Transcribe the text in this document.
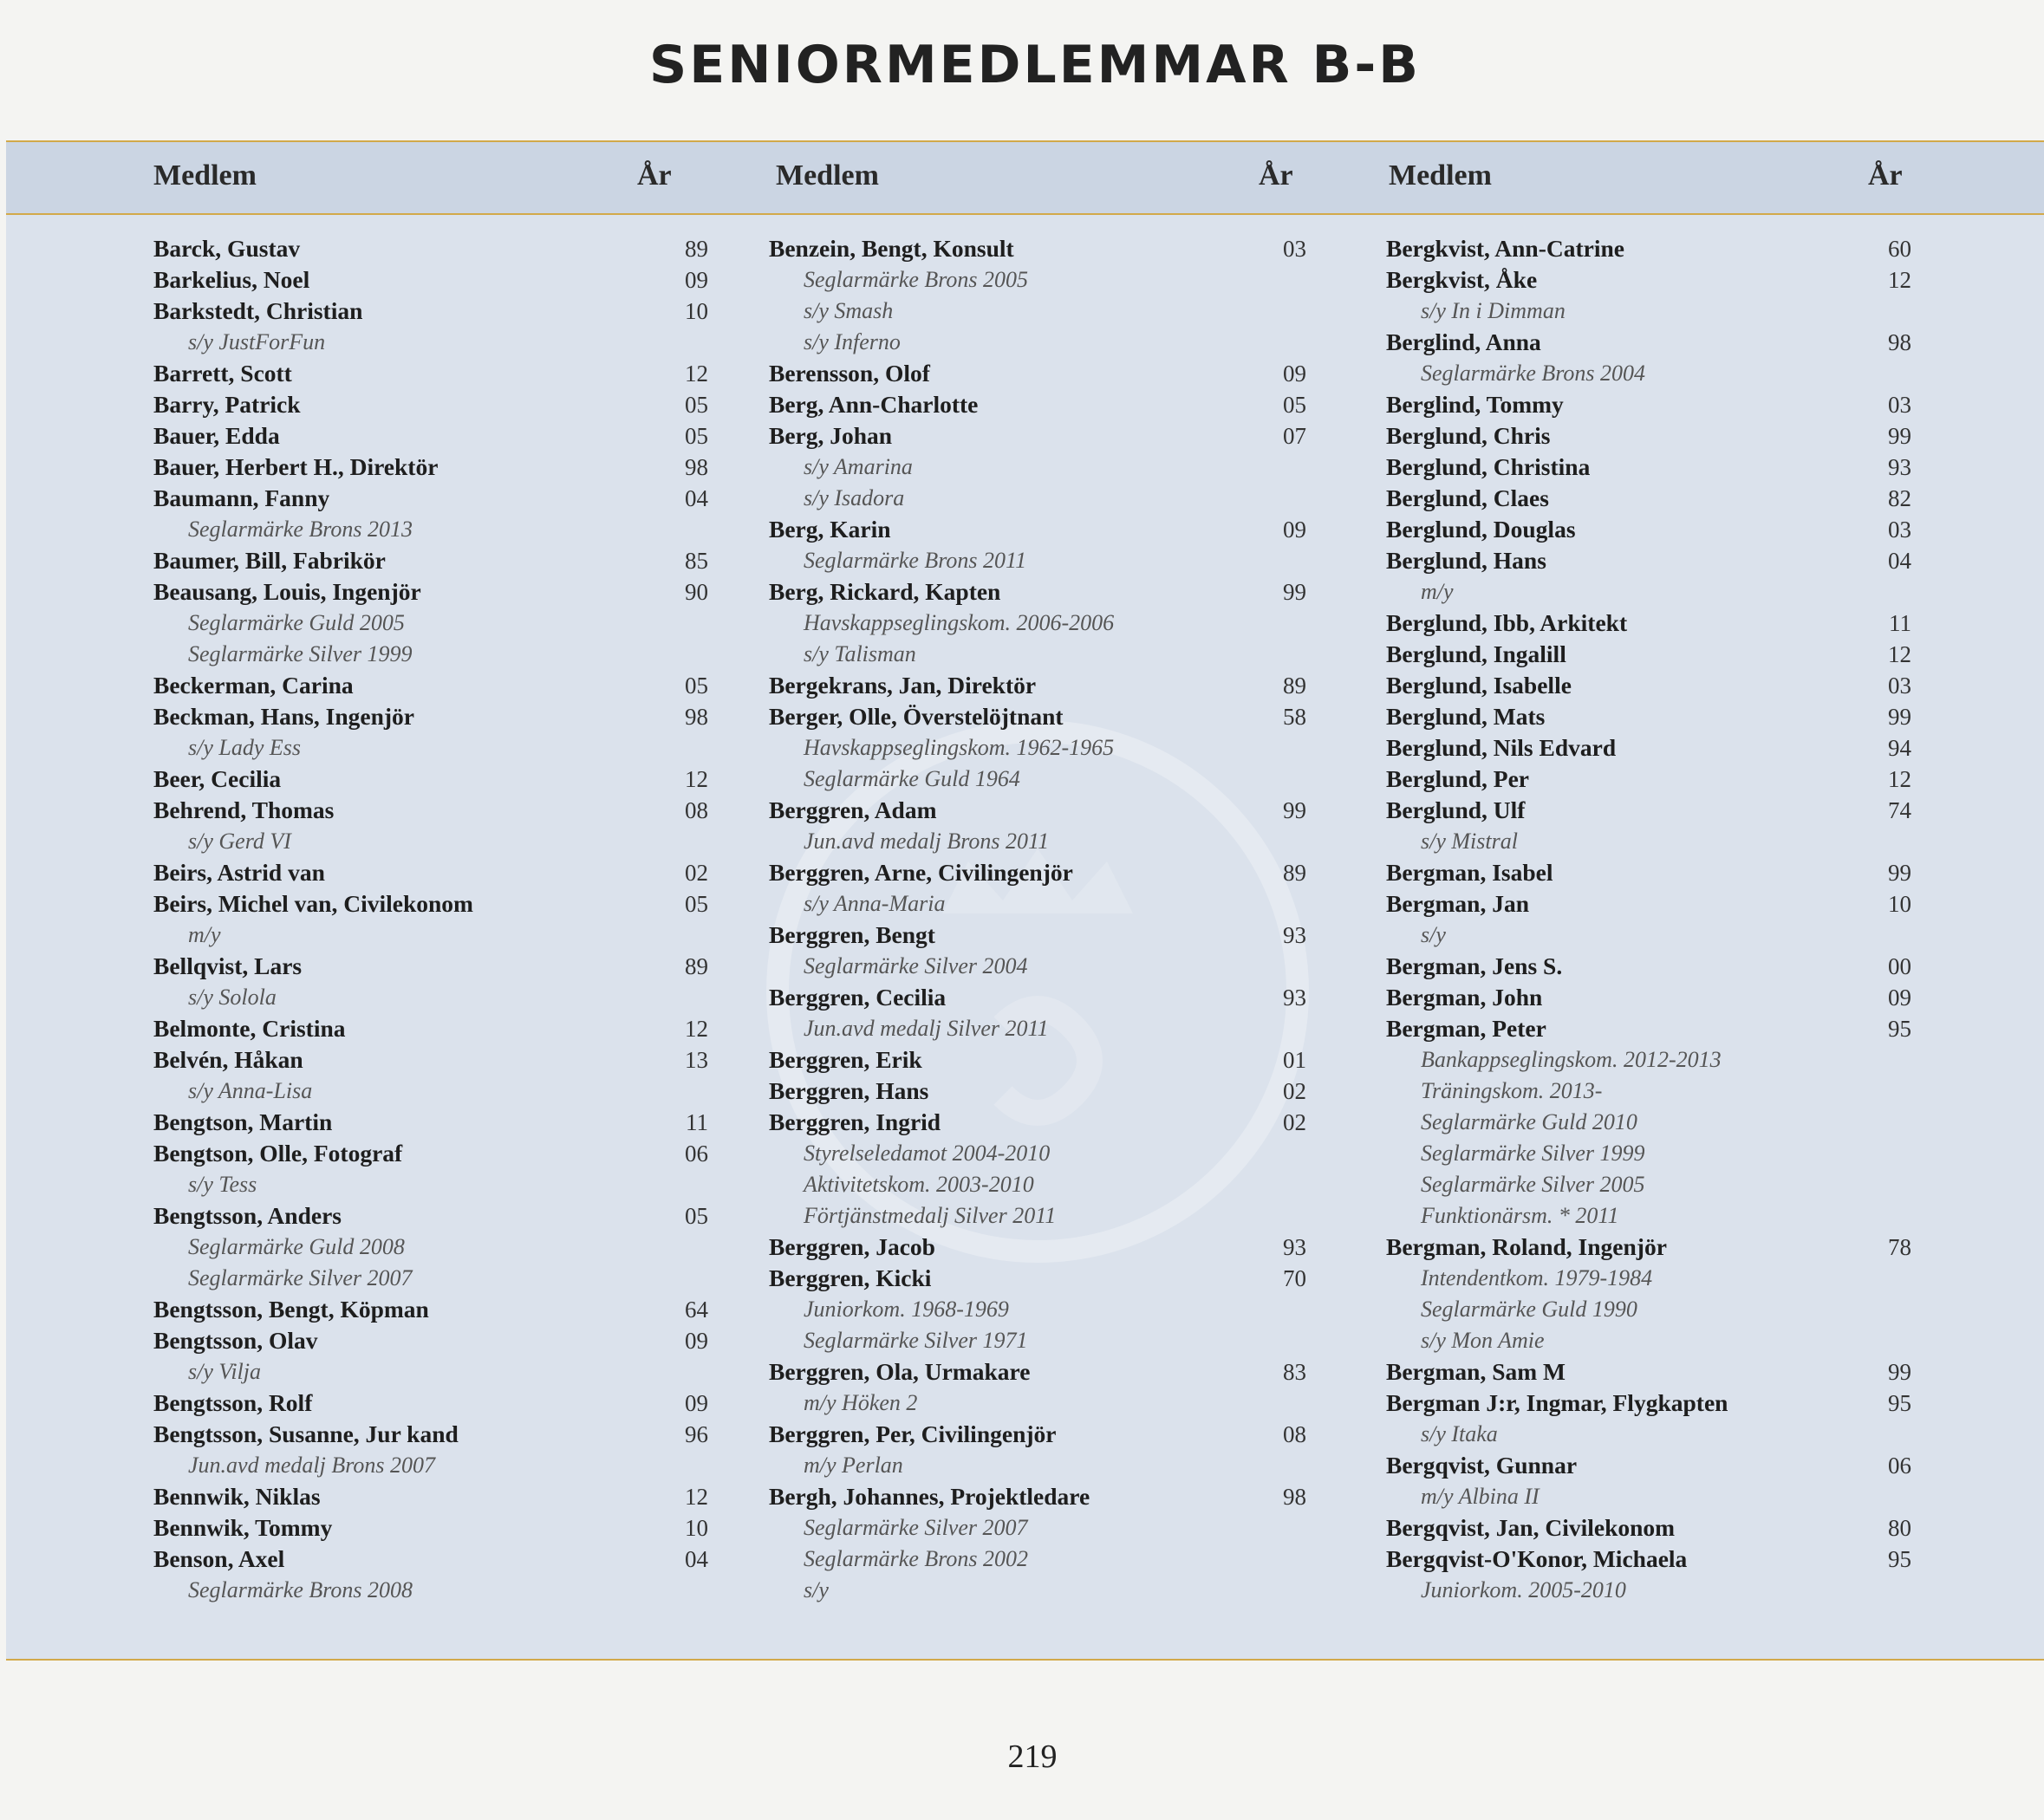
SENIORMEDLEMMAR B-B
Medlem	År	Medlem	År	Medlem	År
Barck, Gustav	89
Barkelius, Noel	09
Barkstedt, Christian	10
s/y JustForFun
Barrett, Scott	12
Barry, Patrick	05
Bauer, Edda	05
Bauer, Herbert H., Direktör	98
Baumann, Fanny	04
Seglarmärke Brons 2013
Baumer, Bill, Fabrikör	85
Beausang, Louis, Ingenjör	90
Seglarmärke Guld 2005
Seglarmärke Silver 1999
Beckerman, Carina	05
Beckman, Hans, Ingenjör	98
s/y Lady Ess
Beer, Cecilia	12
Behrend, Thomas	08
s/y Gerd VI
Beirs, Astrid van	02
Beirs, Michel van, Civilekonom	05
m/y
Bellqvist, Lars	89
s/y Solola
Belmonte, Cristina	12
Belvén, Håkan	13
s/y Anna-Lisa
Bengtson, Martin	11
Bengtson, Olle, Fotograf	06
s/y Tess
Bengtsson, Anders	05
Seglarmärke Guld 2008
Seglarmärke Silver 2007
Bengtsson, Bengt, Köpman	64
Bengtsson, Olav	09
s/y Vilja
Bengtsson, Rolf	09
Bengtsson, Susanne, Jur kand	96
Jun.avd medalj Brons 2007
Bennwik, Niklas	12
Bennwik, Tommy	10
Benson, Axel	04
Seglarmärke Brons 2008
Benzein, Bengt, Konsult	03
Seglarmärke Brons 2005
s/y Smash
s/y Inferno
Berensson, Olof	09
Berg, Ann-Charlotte	05
Berg, Johan	07
s/y Amarina
s/y Isadora
Berg, Karin	09
Seglarmärke Brons 2011
Berg, Rickard, Kapten	99
Havskappseglingskom. 2006-2006
s/y Talisman
Bergekrans, Jan, Direktör	89
Berger, Olle, Överstelöjtnant	58
Havskappseglingskom. 1962-1965
Seglarmärke Guld 1964
Berggren, Adam	99
Jun.avd medalj Brons 2011
Berggren, Arne, Civilingenjör	89
s/y Anna-Maria
Berggren, Bengt	93
Seglarmärke Silver 2004
Berggren, Cecilia	93
Jun.avd medalj Silver 2011
Berggren, Erik	01
Berggren, Hans	02
Berggren, Ingrid	02
Styrelseledamot 2004-2010
Aktivitetskom. 2003-2010
Förtjänstmedalj Silver 2011
Berggren, Jacob	93
Berggren, Kicki	70
Juniorkom. 1968-1969
Seglarmärke Silver 1971
Berggren, Ola, Urmakare	83
m/y Höken 2
Berggren, Per, Civilingenjör	08
m/y Perlan
Bergh, Johannes, Projektledare	98
Seglarmärke Silver 2007
Seglarmärke Brons 2002
s/y
Bergkvist, Ann-Catrine	60
Bergkvist, Åke	12
s/y In i Dimman
Berglind, Anna	98
Seglarmärke Brons 2004
Berglind, Tommy	03
Berglund, Chris	99
Berglund, Christina	93
Berglund, Claes	82
Berglund, Douglas	03
Berglund, Hans	04
m/y
Berglund, Ibb, Arkitekt	11
Berglund, Ingalill	12
Berglund, Isabelle	03
Berglund, Mats	99
Berglund, Nils Edvard	94
Berglund, Per	12
Berglund, Ulf	74
s/y Mistral
Bergman, Isabel	99
Bergman, Jan	10
s/y
Bergman, Jens S.	00
Bergman, John	09
Bergman, Peter	95
Bankappseglingskom. 2012-2013
Träningskom. 2013-
Seglarmärke Guld 2010
Seglarmärke Silver 1999
Seglarmärke Silver 2005
Funktionärsm. * 2011
Bergman, Roland, Ingenjör	78
Intendentkom. 1979-1984
Seglarmärke Guld 1990
s/y Mon Amie
Bergman, Sam M	99
Bergman J:r, Ingmar, Flygkapten	95
s/y Itaka
Bergqvist, Gunnar	06
m/y Albina II
Bergqvist, Jan, Civilekonom	80
Bergqvist-O'Konor, Michaela	95
Juniorkom. 2005-2010
219
